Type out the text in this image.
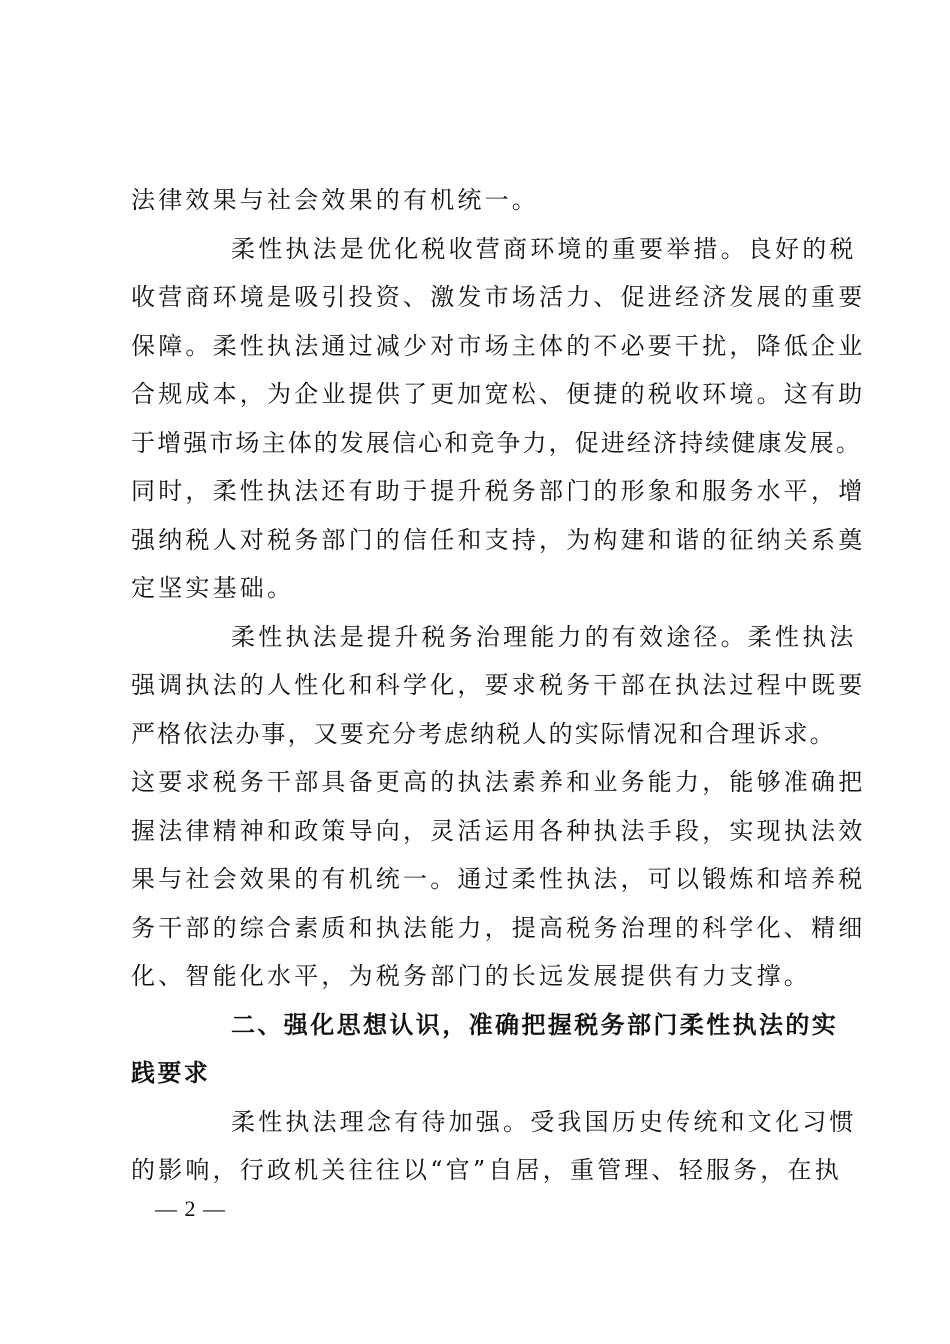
法律效果与社会效果的有机统一。
柔性执法是优化税收营商环境的重要举措。良好的税
收营商环境是吸引投资、激发市场活力、促进经济发展的重要
保障。柔性执法通过减少对市场主体的不必要干扰，降低企业
合规成本，为企业提供了更加宽松、便捷的税收环境。这有助
于增强市场主体的发展信心和竞争力，促进经济持续健康发展。
同时，柔性执法还有助于提升税务部门的形象和服务水平，增
强纳税人对税务部门的信任和支持，为构建和谐的征纳关系奠
定坚实基础。
柔性执法是提升税务治理能力的有效途径。柔性执法
强调执法的人性化和科学化，要求税务干部在执法过程中既要
严格依法办事，又要充分考虑纳税人的实际情况和合理诉求。
这要求税务干部具备更高的执法素养和业务能力，能够准确把
握法律精神和政策导向，灵活运用各种执法手段，实现执法效
果与社会效果的有机统一。通过柔性执法，可以锻炼和培养税
务干部的综合素质和执法能力，提高税务治理的科学化、精细
化、智能化水平，为税务部门的长远发展提供有力支撑。
二、强化思想认识，准确把握税务部门柔性执法的实
践要求
柔性执法理念有待加强。受我国历史传统和文化习惯
的影响，行政机关往往以“官”自居，重管理、轻服务，在执
— 2 —
